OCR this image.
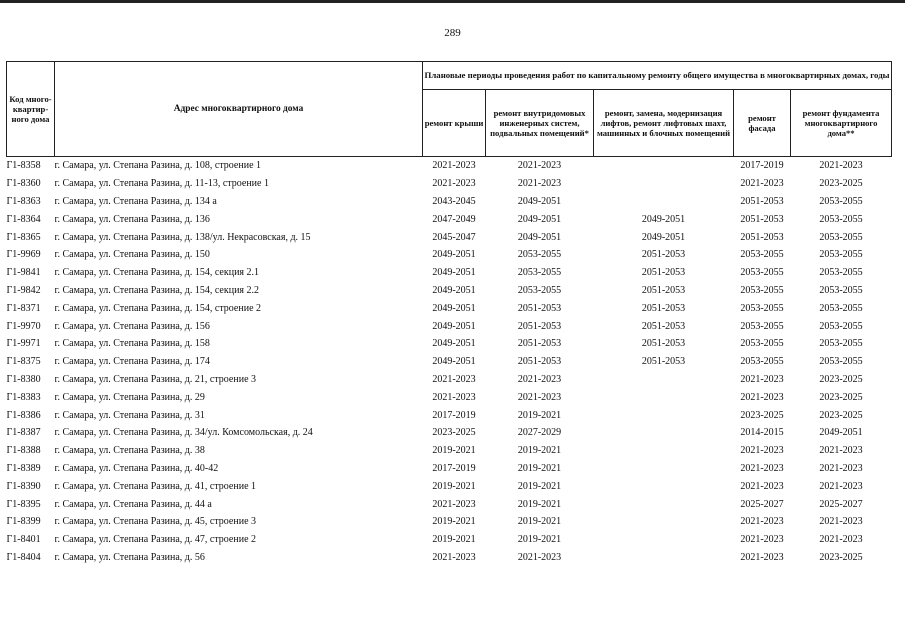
289
Код много-квартир-ного дома	Адрес многоквартирного дома	Плановые периоды проведения работ по капитальному ремонту общего имущества в многоквартирных домах, годы				
		ремонт крыши	ремонт внутридомовых инженерных систем, подвальных помещений*	ремонт, замена, модернизация лифтов, ремонт лифтовых шахт, машинных и блочных помещений	ремонт фасада	ремонт фундамента многоквартирного дома**
Г1-8358	г. Самара, ул. Степана Разина, д. 108, строение 1	2021-2023	2021-2023		2017-2019	2021-2023
Г1-8360	г. Самара, ул. Степана Разина, д. 11-13, строение 1	2021-2023	2021-2023		2021-2023	2023-2025
Г1-8363	г. Самара, ул. Степана Разина, д. 134 а	2043-2045	2049-2051		2051-2053	2053-2055
Г1-8364	г. Самара, ул. Степана Разина, д. 136	2047-2049	2049-2051	2049-2051	2051-2053	2053-2055
Г1-8365	г. Самара, ул. Степана Разина, д. 138/ул. Некрасовская, д. 15	2045-2047	2049-2051	2049-2051	2051-2053	2053-2055
Г1-9969	г. Самара, ул. Степана Разина, д. 150	2049-2051	2053-2055	2051-2053	2053-2055	2053-2055
Г1-9841	г. Самара, ул. Степана Разина, д. 154, секция 2.1	2049-2051	2053-2055	2051-2053	2053-2055	2053-2055
Г1-9842	г. Самара, ул. Степана Разина, д. 154, секция 2.2	2049-2051	2053-2055	2051-2053	2053-2055	2053-2055
Г1-8371	г. Самара, ул. Степана Разина, д. 154, строение 2	2049-2051	2051-2053	2051-2053	2053-2055	2053-2055
Г1-9970	г. Самара, ул. Степана Разина, д. 156	2049-2051	2051-2053	2051-2053	2053-2055	2053-2055
Г1-9971	г. Самара, ул. Степана Разина, д. 158	2049-2051	2051-2053	2051-2053	2053-2055	2053-2055
Г1-8375	г. Самара, ул. Степана Разина, д. 174	2049-2051	2051-2053	2051-2053	2053-2055	2053-2055
Г1-8380	г. Самара, ул. Степана Разина, д. 21, строение 3	2021-2023	2021-2023		2021-2023	2023-2025
Г1-8383	г. Самара, ул. Степана Разина, д. 29	2021-2023	2021-2023		2021-2023	2023-2025
Г1-8386	г. Самара, ул. Степана Разина, д. 31	2017-2019	2019-2021		2023-2025	2023-2025
Г1-8387	г. Самара, ул. Степана Разина, д. 34/ул. Комсомольская, д. 24	2023-2025	2027-2029		2014-2015	2049-2051
Г1-8388	г. Самара, ул. Степана Разина, д. 38	2019-2021	2019-2021		2021-2023	2021-2023
Г1-8389	г. Самара, ул. Степана Разина, д. 40-42	2017-2019	2019-2021		2021-2023	2021-2023
Г1-8390	г. Самара, ул. Степана Разина, д. 41, строение 1	2019-2021	2019-2021		2021-2023	2021-2023
Г1-8395	г. Самара, ул. Степана Разина, д. 44 а	2021-2023	2019-2021		2025-2027	2025-2027
Г1-8399	г. Самара, ул. Степана Разина, д. 45, строение 3	2019-2021	2019-2021		2021-2023	2021-2023
Г1-8401	г. Самара, ул. Степана Разина, д. 47, строение 2	2019-2021	2019-2021		2021-2023	2021-2023
Г1-8404	г. Самара, ул. Степана Разина, д. 56	2021-2023	2021-2023		2021-2023	2023-2025
